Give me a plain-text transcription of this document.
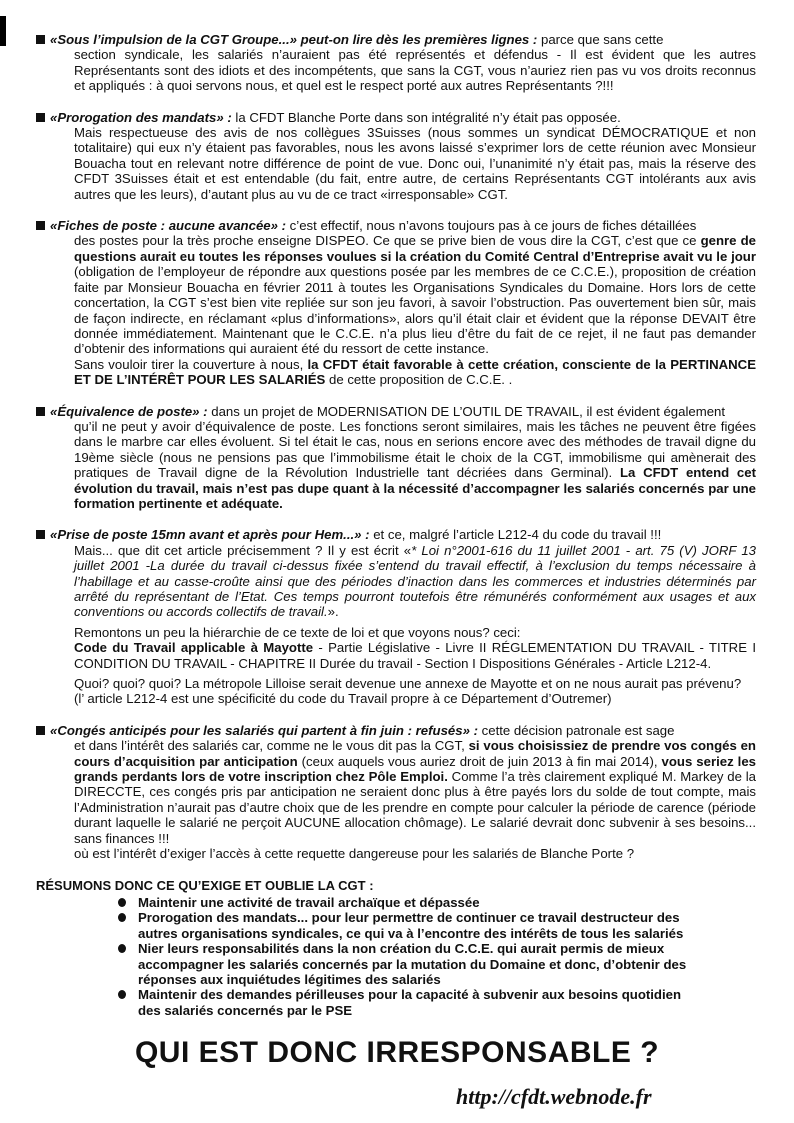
«Sous l’impulsion de la CGT Groupe...» peut-on lire dès les premières lignes : parce que sans cette
section syndicale, les salariés n’auraient pas été représentés et défendus - Il est évident que les autres Représentants sont des idiots et des incompétents, que sans la CGT, vous n’auriez rien pas vu vos droits reconnus et appliqués : à quoi servons nous, et quel est le respect porté aux autres Représentants ?!!!
«Prorogation des mandats» : la CFDT Blanche Porte dans son intégralité n’y était pas opposée.
Mais respectueuse des avis de nos collègues 3Suisses (nous sommes un syndicat DÉMOCRATIQUE et non totalitaire) qui eux n’y étaient pas favorables, nous les avons laissé s’exprimer lors de cette réunion avec Monsieur Bouacha tout en relevant notre différence de point de vue. Donc oui, l’unanimité n’y était pas, mais la réserve des CFDT 3Suisses était et est entendable (du fait, entre autre, de certains Représentants CGT intolérants aux avis autres que les leurs), d’autant plus au vu de ce tract «irresponsable» CGT.
«Fiches de poste : aucune avancée» : c’est effectif, nous n’avons toujours pas à ce jours de fiches détaillées
des postes pour la très proche enseigne DISPEO. Ce que se prive bien de vous dire la CGT, c’est que ce genre de questions aurait eu toutes les réponses voulues si la création du Comité Central d’Entreprise avait vu le jour (obligation de l’employeur de répondre aux questions posée par les membres de ce C.C.E.), proposition de création faite par Monsieur Bouacha en février 2011 à toutes les Organisations Syndicales du Domaine. Hors lors de cette concertation, la CGT s’est bien vite repliée sur son jeu favori, à savoir l’obstruction. Pas ouvertement bien sûr, mais de façon indirecte, en réclamant «plus d’informations», alors qu’il était clair et évident que la réponse DEVAIT être donnée immédiatement. Maintenant que le C.C.E. n’a plus lieu d’être du fait de ce rejet, il ne faut pas demander d’obtenir des informations qui auraient été du ressort de cette instance.
Sans vouloir tirer la couverture à nous, la CFDT était favorable à cette création, consciente de la PERTINANCE ET DE L’INTÉRÊT POUR LES SALARIÉS de cette proposition de C.C.E. .
«Équivalence de poste» : dans un projet de MODERNISATION DE L’OUTIL DE TRAVAIL, il est évident également
qu’il ne peut y avoir d’équivalence de poste. Les fonctions seront similaires, mais les tâches ne peuvent être figées dans le marbre car elles évoluent. Si tel était le cas, nous en serions encore avec des méthodes de travail digne du 19ème siècle (nous ne pensions pas que l’immobilisme était le choix de la CGT, immobilisme qui amènerait des pratiques de Travail digne de la Révolution Industrielle tant décriées dans Germinal). La CFDT entend cet évolution du travail, mais n’est pas dupe quant à la nécessité d’accompagner les salariés concernés par une formation pertinente et adéquate.
«Prise de poste 15mn avant et après pour Hem...» : et ce, malgré l’article L212-4 du code du travail !!!
Mais... que dit cet article précisemment ? Il y est écrit «* Loi n°2001-616 du 11 juillet 2001 - art. 75 (V) JORF 13 juillet 2001 -La durée du travail ci-dessus fixée s’entend du travail effectif, à l’exclusion du temps nécessaire à l’habillage et au casse-croûte ainsi que des périodes d’inaction dans les commerces et industries déterminés par arrêté du représentant de l’Etat. Ces temps pourront toutefois être rémunérés conformément aux usages et aux conventions ou accords collectifs de travail.».
Remontons un peu la hiérarchie de ce texte de loi et que voyons nous? ceci:
Code du Travail applicable à Mayotte - Partie Législative - Livre II RÉGLEMENTATION DU TRAVAIL - TITRE I CONDITION DU TRAVAIL - CHAPITRE II Durée du travail - Section I Dispositions Générales - Article L212-4.
Quoi? quoi? quoi? La métropole Lilloise serait devenue une annexe de Mayotte et on ne nous aurait pas prévenu?
(l’ article L212-4 est une spécificité du code du Travail propre à ce Département d’Outremer)
«Congés anticipés pour les salariés qui partent à fin juin : refusés» : cette décision patronale est sage
et dans l’intérêt des salariés car, comme ne le vous dit pas la CGT, si vous choisissiez de prendre vos congés en cours d’acquisition par anticipation (ceux auquels vous auriez droit de juin 2013 à fin mai 2014), vous seriez les grands perdants lors de votre inscription chez Pôle Emploi. Comme l’a très clairement expliqué M. Markey de la DIRECCTE, ces congés pris par anticipation ne seraient donc plus à être payés lors du solde de tout compte, mais l’Administration n’aurait pas d’autre choix que de les prendre en compte pour calculer la période de carence (période durant laquelle le salarié ne perçoit AUCUNE allocation chômage). Le salarié devrait donc subvenir à ses besoins... sans finances !!!
où est l’intérêt d’exiger l’accès à cette requette dangereuse pour les salariés de Blanche Porte ?
RÉSUMONS DONC CE QU’EXIGE ET OUBLIE LA CGT :
Maintenir une activité de travail archaïque et dépassée
Prorogation des mandats... pour leur permettre de continuer ce travail destructeur des autres organisations syndicales, ce qui va à l’encontre des intérêts de tous les salariés
Nier leurs responsabilités dans la non création du C.C.E. qui aurait permis de mieux accompagner les salariés concernés par la mutation du Domaine et donc, d’obtenir des réponses aux inquiétudes légitimes des salariés
Maintenir des demandes périlleuses pour la capacité à subvenir aux besoins quotidien des salariés concernés par le PSE
QUI EST DONC IRRESPONSABLE ?
http://cfdt.webnode.fr
